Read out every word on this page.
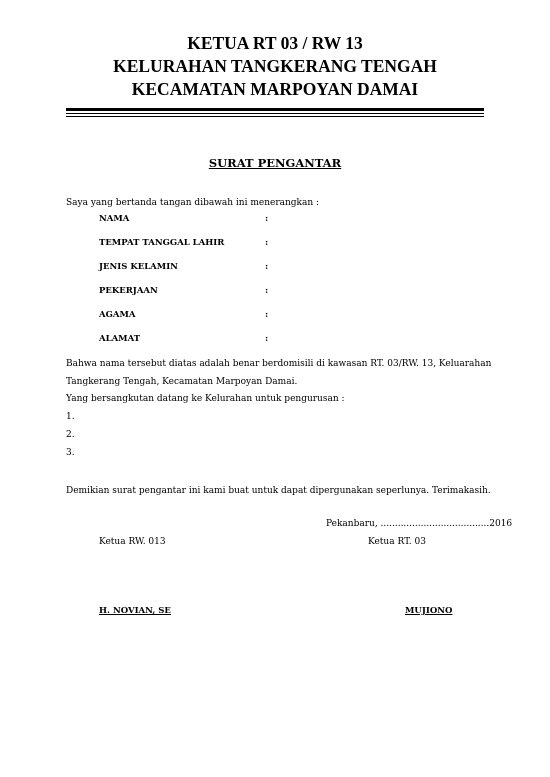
KETUA RT 03 / RW 13
KELURAHAN TANGKERANG TENGAH
KECAMATAN MARPOYAN DAMAI
SURAT PENGANTAR
Saya yang bertanda tangan dibawah ini menerangkan :
NAMA	:
TEMPAT TANGGAL LAHIR	:
JENIS KELAMIN	:
PEKERJAAN	:
AGAMA	:
ALAMAT	:
Bahwa nama tersebut diatas adalah benar berdomisili di kawasan RT. 03/RW. 13, Keluarahan
Tangkerang Tengah, Kecamatan Marpoyan Damai.
Yang bersangkutan datang ke Kelurahan untuk pengurusan :
1.
2.
3.
Demikian surat pengantar ini kami buat untuk dapat dipergunakan seperlunya. Terimakasih.
Pekanbaru, ......................................2016
Ketua RW. 013	Ketua RT. 03
H. NOVIAN, SE	MUJIONO
